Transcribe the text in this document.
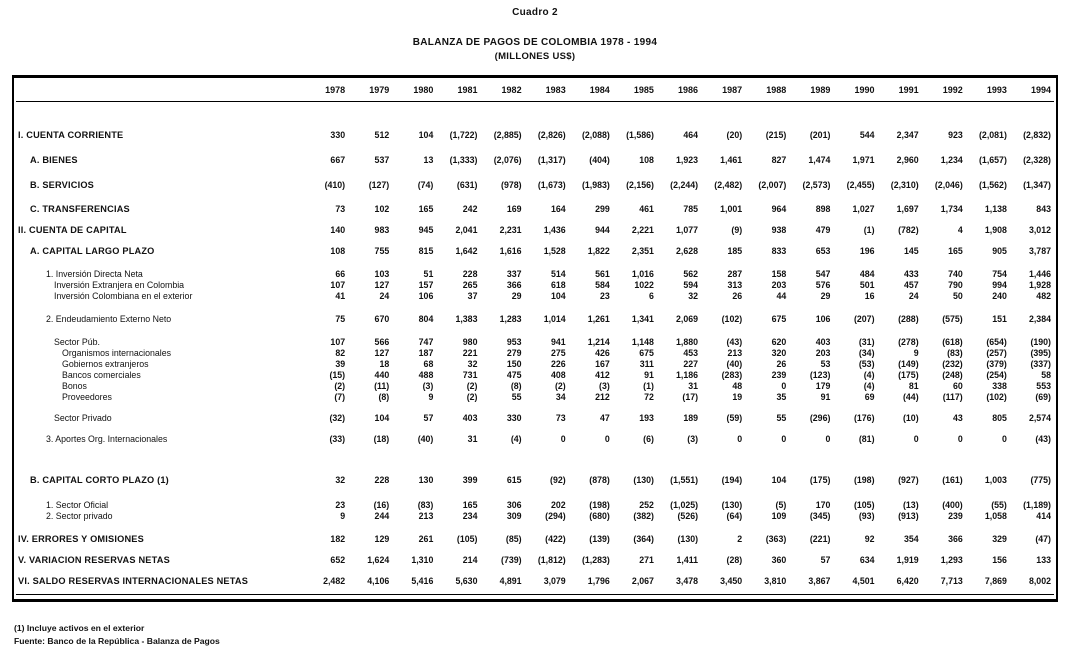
Cuadro 2
BALANZA DE PAGOS DE COLOMBIA 1978 - 1994
(MILLONES US$)
1978	1979	1980	1981	1982	1983	1984	1985	1986	1987	1988	1989	1990	1991	1992	1993	1994
I. CUENTA CORRIENTE	330	512	104	(1,722)	(2,885)	(2,826)	(2,088)	(1,586)	464	(20)	(215)	(201)	544	2,347	923	(2,081)	(2,832)
A. BIENES	667	537	13	(1,333)	(2,076)	(1,317)	(404)	108	1,923	1,461	827	1,474	1,971	2,960	1,234	(1,657)	(2,328)
B. SERVICIOS	(410)	(127)	(74)	(631)	(978)	(1,673)	(1,983)	(2,156)	(2,244)	(2,482)	(2,007)	(2,573)	(2,455)	(2,310)	(2,046)	(1,562)	(1,347)
C. TRANSFERENCIAS	73	102	165	242	169	164	299	461	785	1,001	964	898	1,027	1,697	1,734	1,138	843
II. CUENTA DE CAPITAL	140	983	945	2,041	2,231	1,436	944	2,221	1,077	(9)	938	479	(1)	(782)	4	1,908	3,012
A. CAPITAL LARGO PLAZO	108	755	815	1,642	1,616	1,528	1,822	2,351	2,628	185	833	653	196	145	165	905	3,787
1. Inversión Directa Neta	66	103	51	228	337	514	561	1,016	562	287	158	547	484	433	740	754	1,446
Inversión Extranjera en Colombia	107	127	157	265	366	618	584	1022	594	313	203	576	501	457	790	994	1,928
Inversión Colombiana en el exterior	41	24	106	37	29	104	23	6	32	26	44	29	16	24	50	240	482
2. Endeudamiento Externo Neto	75	670	804	1,383	1,283	1,014	1,261	1,341	2,069	(102)	675	106	(207)	(288)	(575)	151	2,384
Sector Púb.	107	566	747	980	953	941	1,214	1,148	1,880	(43)	620	403	(31)	(278)	(618)	(654)	(190)
Organismos internacionales	82	127	187	221	279	275	426	675	453	213	320	203	(34)	9	(83)	(257)	(395)
Gobiernos extranjeros	39	18	68	32	150	226	167	311	227	(40)	26	53	(53)	(149)	(232)	(379)	(337)
Bancos comerciales	(15)	440	488	731	475	408	412	91	1,186	(283)	239	(123)	(4)	(175)	(248)	(254)	58
Bonos	(2)	(11)	(3)	(2)	(8)	(2)	(3)	(1)	31	48	0	179	(4)	81	60	338	553
Proveedores	(7)	(8)	9	(2)	55	34	212	72	(17)	19	35	91	69	(44)	(117)	(102)	(69)
Sector Privado	(32)	104	57	403	330	73	47	193	189	(59)	55	(296)	(176)	(10)	43	805	2,574
3. Aportes Org. Internacionales	(33)	(18)	(40)	31	(4)	0	0	(6)	(3)	0	0	0	(81)	0	0	0	(43)
B. CAPITAL CORTO PLAZO (1)	32	228	130	399	615	(92)	(878)	(130)	(1,551)	(194)	104	(175)	(198)	(927)	(161)	1,003	(775)
1. Sector Oficial	23	(16)	(83)	165	306	202	(198)	252	(1,025)	(130)	(5)	170	(105)	(13)	(400)	(55)	(1,189)
2. Sector privado	9	244	213	234	309	(294)	(680)	(382)	(526)	(64)	109	(345)	(93)	(913)	239	1,058	414
IV. ERRORES Y OMISIONES	182	129	261	(105)	(85)	(422)	(139)	(364)	(130)	2	(363)	(221)	92	354	366	329	(47)
V. VARIACION RESERVAS NETAS	652	1,624	1,310	214	(739)	(1,812)	(1,283)	271	1,411	(28)	360	57	634	1,919	1,293	156	133
VI. SALDO RESERVAS INTERNACIONALES NETAS	2,482	4,106	5,416	5,630	4,891	3,079	1,796	2,067	3,478	3,450	3,810	3,867	4,501	6,420	7,713	7,869	8,002
(1) Incluye activos en el exterior
Fuente: Banco de la República - Balanza de Pagos
